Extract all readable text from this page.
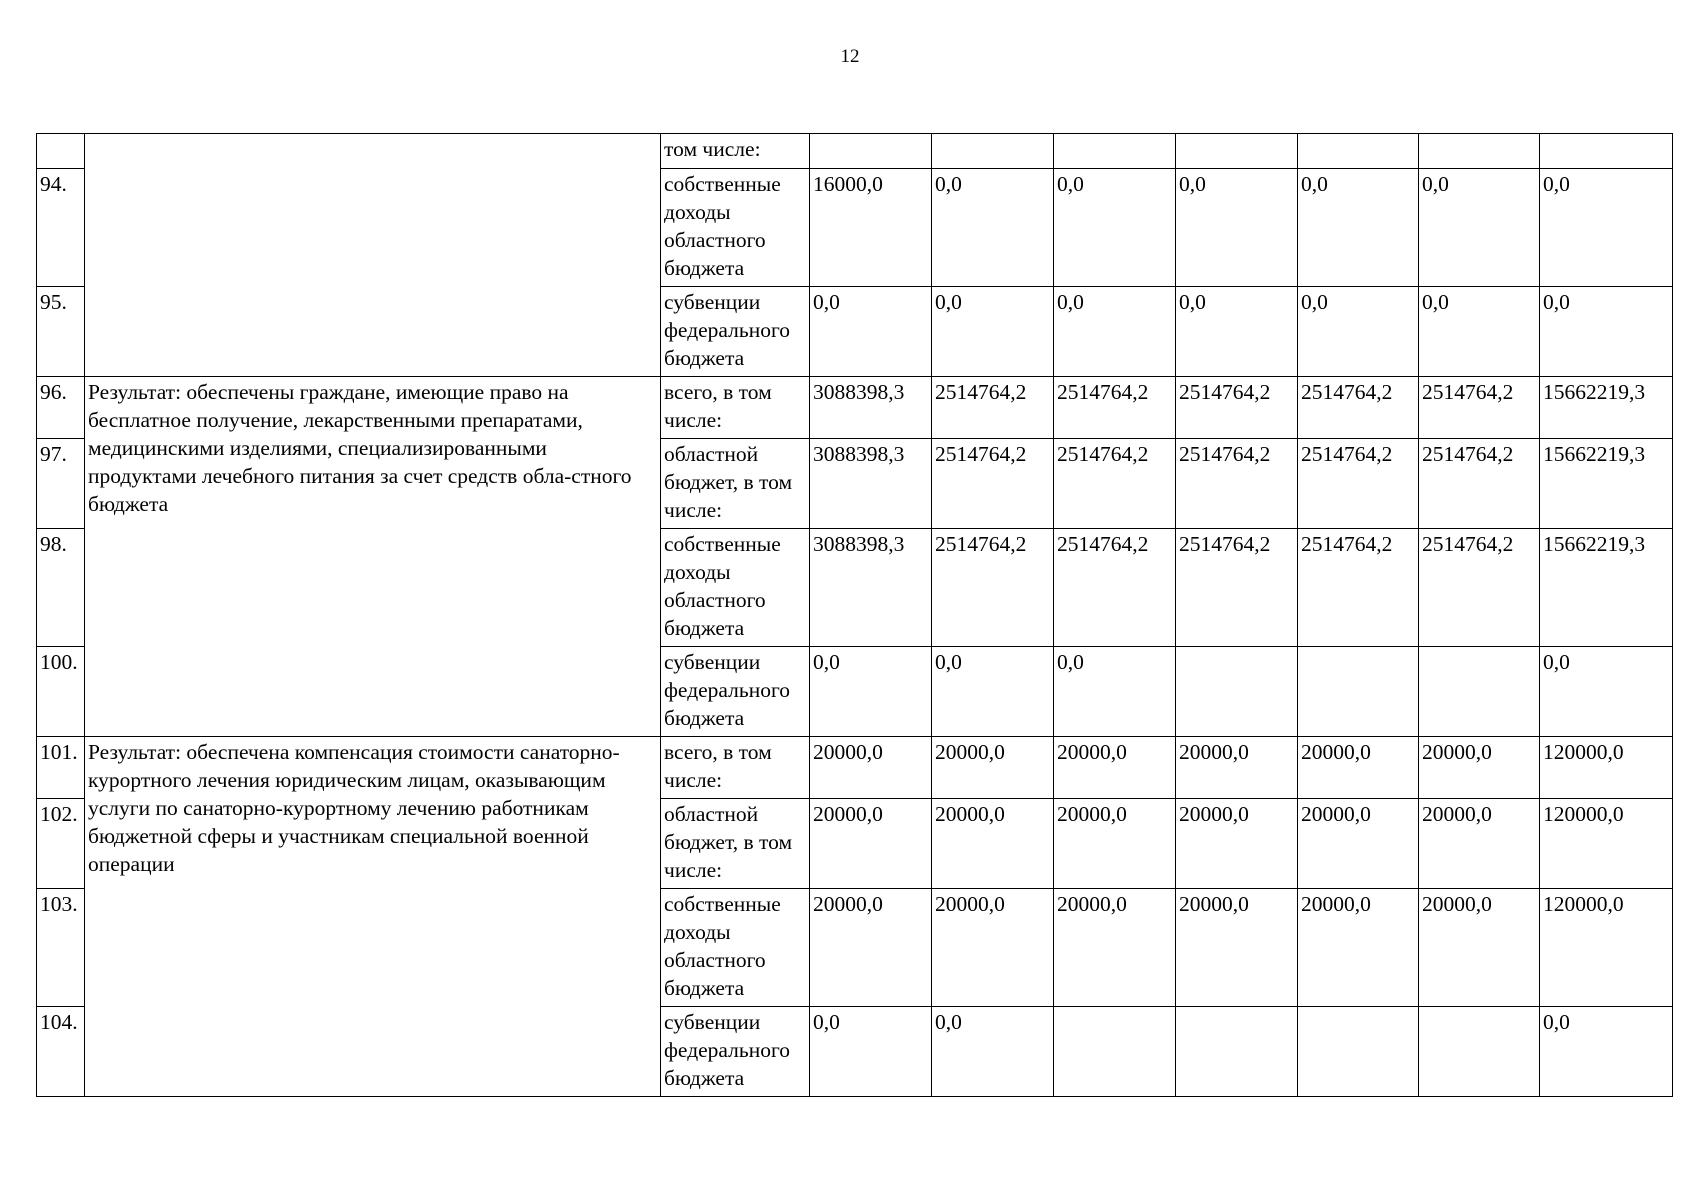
12
		том числе:							
94.		собственные доходы областного бюджета	16000,0	0,0	0,0	0,0	0,0	0,0	0,0
95.		субвенции федерального бюджета	0,0	0,0	0,0	0,0	0,0	0,0	0,0
96.	Результат: обеспечены граждане, имеющие право на бесплатное получение, лекарственными препаратами, медицинскими изделиями, специализированными продуктами лечебного питания за счет средств обла-стного бюджета	всего, в том числе:	3088398,3	2514764,2	2514764,2	2514764,2	2514764,2	2514764,2	15662219,3
97.		областной бюджет, в том числе:	3088398,3	2514764,2	2514764,2	2514764,2	2514764,2	2514764,2	15662219,3
98.		собственные доходы областного бюджета	3088398,3	2514764,2	2514764,2	2514764,2	2514764,2	2514764,2	15662219,3
100.		субвенции федерального бюджета	0,0	0,0	0,0				0,0
101.	Результат: обеспечена компенсация стоимости санаторно-курортного лечения юридическим лицам, оказывающим услуги по санаторно-курортному лечению работникам бюджетной сферы и участникам специальной военной операции	всего, в том числе:	20000,0	20000,0	20000,0	20000,0	20000,0	20000,0	120000,0
102.		областной бюджет, в том числе:	20000,0	20000,0	20000,0	20000,0	20000,0	20000,0	120000,0
103.		собственные доходы областного бюджета	20000,0	20000,0	20000,0	20000,0	20000,0	20000,0	120000,0
104.		субвенции федерального бюджета	0,0	0,0					0,0
